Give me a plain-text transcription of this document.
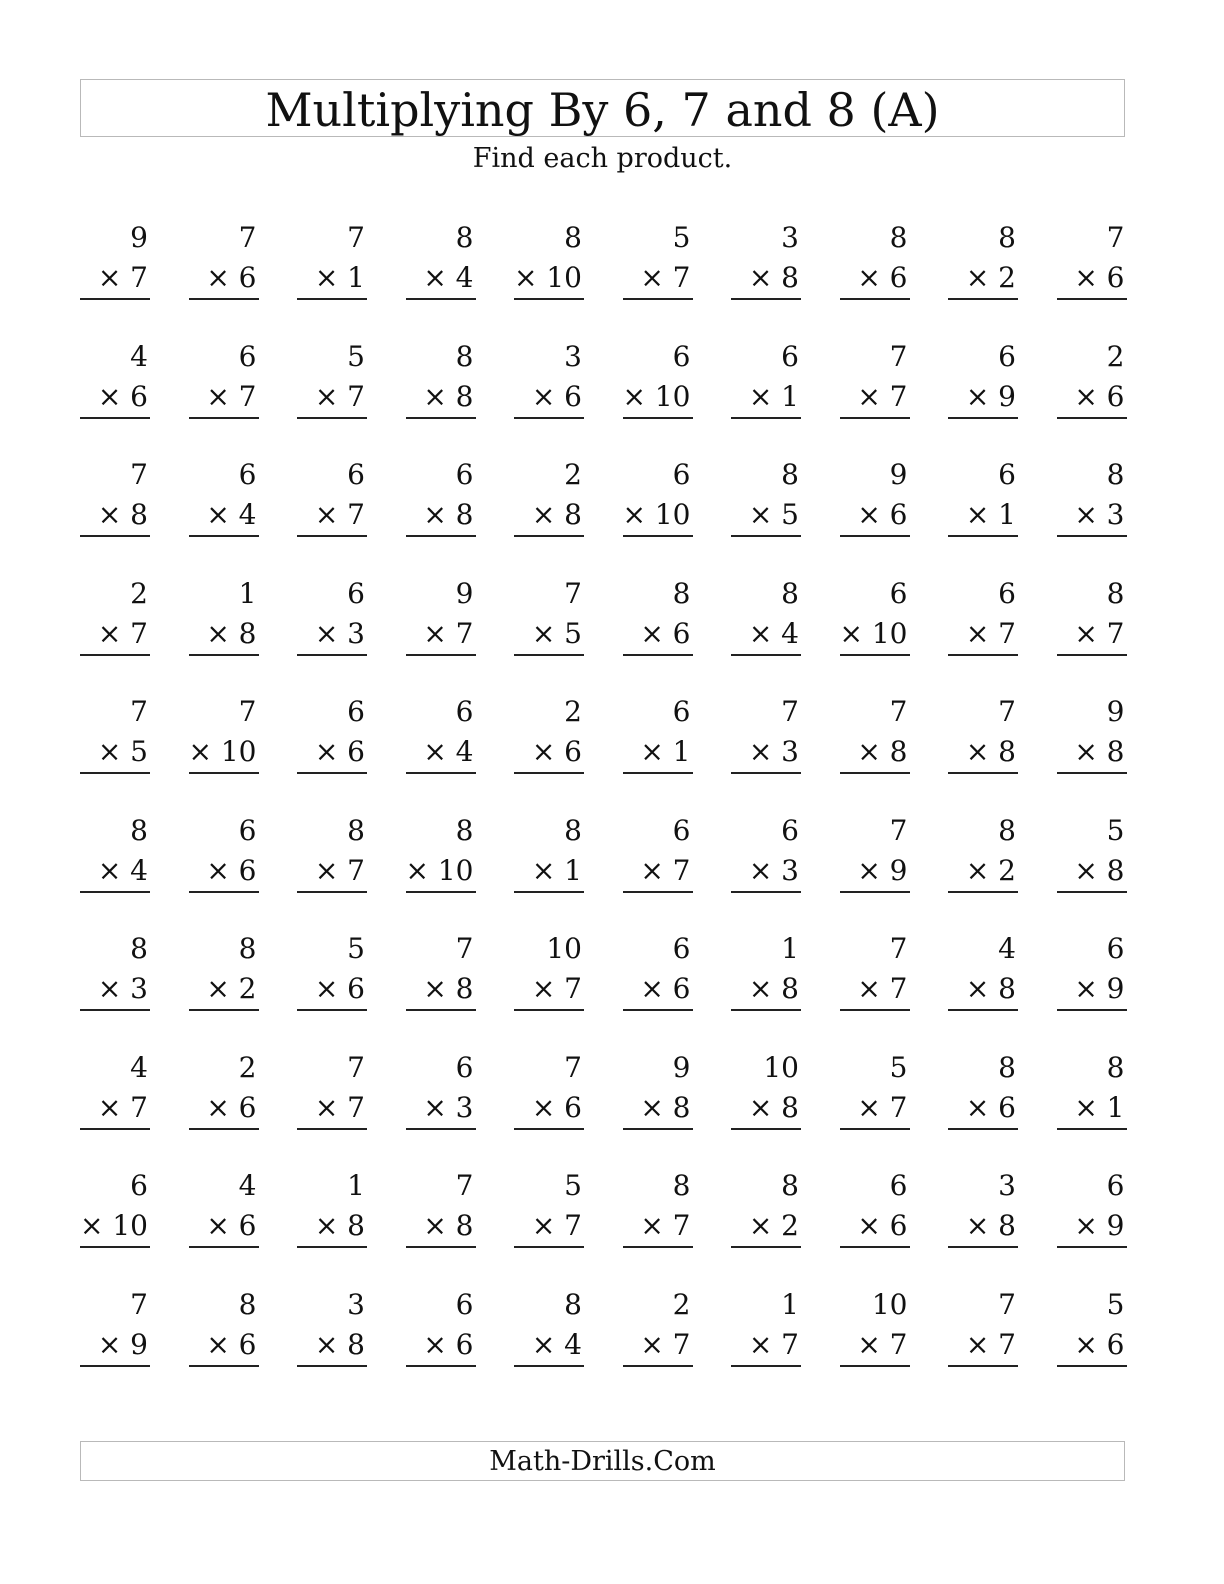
Multiplying By 6, 7 and 8 (A)
Find each product.
9
× 7
7
× 6
7
× 1
8
× 4
8
× 10
5
× 7
3
× 8
8
× 6
8
× 2
7
× 6
4
× 6
6
× 7
5
× 7
8
× 8
3
× 6
6
× 10
6
× 1
7
× 7
6
× 9
2
× 6
7
× 8
6
× 4
6
× 7
6
× 8
2
× 8
6
× 10
8
× 5
9
× 6
6
× 1
8
× 3
2
× 7
1
× 8
6
× 3
9
× 7
7
× 5
8
× 6
8
× 4
6
× 10
6
× 7
8
× 7
7
× 5
7
× 10
6
× 6
6
× 4
2
× 6
6
× 1
7
× 3
7
× 8
7
× 8
9
× 8
8
× 4
6
× 6
8
× 7
8
× 10
8
× 1
6
× 7
6
× 3
7
× 9
8
× 2
5
× 8
8
× 3
8
× 2
5
× 6
7
× 8
10
× 7
6
× 6
1
× 8
7
× 7
4
× 8
6
× 9
4
× 7
2
× 6
7
× 7
6
× 3
7
× 6
9
× 8
10
× 8
5
× 7
8
× 6
8
× 1
6
× 10
4
× 6
1
× 8
7
× 8
5
× 7
8
× 7
8
× 2
6
× 6
3
× 8
6
× 9
7
× 9
8
× 6
3
× 8
6
× 6
8
× 4
2
× 7
1
× 7
10
× 7
7
× 7
5
× 6
Math-Drills.Com
